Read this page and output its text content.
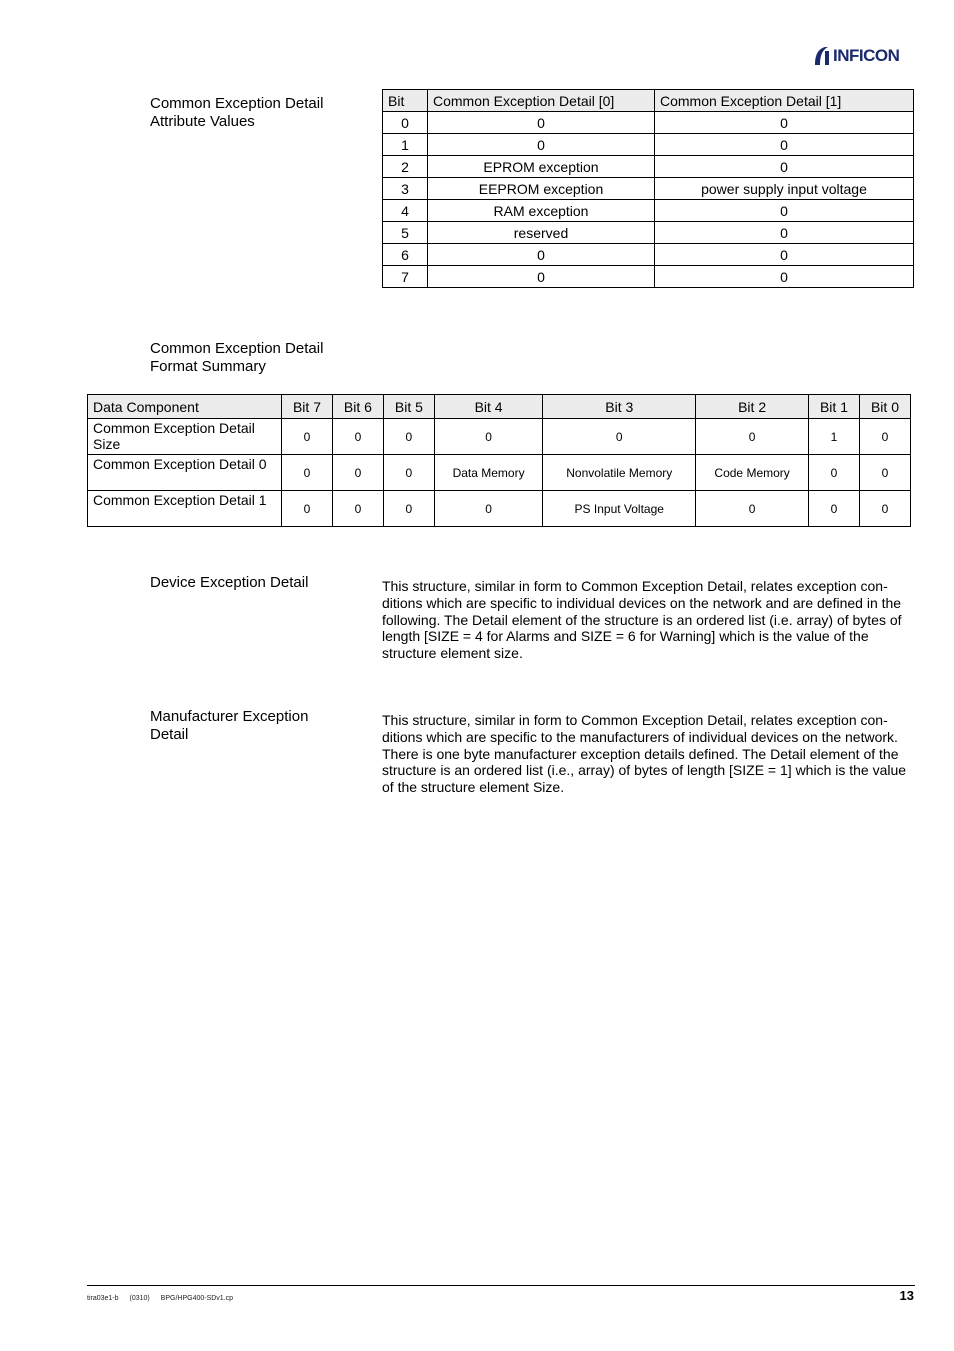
INFICON
Common Exception Detail
Attribute Values
Bit	Common Exception Detail [0]	Common Exception Detail [1]
0	0	0
1	0	0
2	EPROM exception	0
3	EEPROM exception	power supply input voltage
4	RAM exception	0
5	reserved	0
6	0	0
7	0	0
Common Exception Detail
Format Summary
Data Component	Bit 7	Bit 6	Bit 5	Bit 4	Bit 3	Bit 2	Bit 1	Bit 0
Common Exception Detail Size	0	0	0	0	0	0	1	0
Common Exception Detail 0	0	0	0	Data Memory	Nonvolatile Memory	Code Memory	0	0
Common Exception Detail 1	0	0	0	0	PS Input Voltage	0	0	0
Device Exception Detail	This structure, similar in form to Common Exception Detail, relates exception con-ditions which are specific to individual devices on the network and are defined in the following. The Detail element of the structure is an ordered list (i.e. array) of bytes of length [SIZE = 4 for Alarms and SIZE = 6 for Warning] which is the value of the structure element size.
Manufacturer Exception
Detail
This structure, similar in form to Common Exception Detail, relates exception con-ditions which are specific to the manufacturers of individual devices on the network. There is one byte manufacturer exception details defined. The Detail element of the structure is an ordered list (i.e., array) of bytes of length [SIZE = 1] which is the value of the structure element Size.
tira03e1-b (0310) BPG/HPG400-SDv1.cp	13
